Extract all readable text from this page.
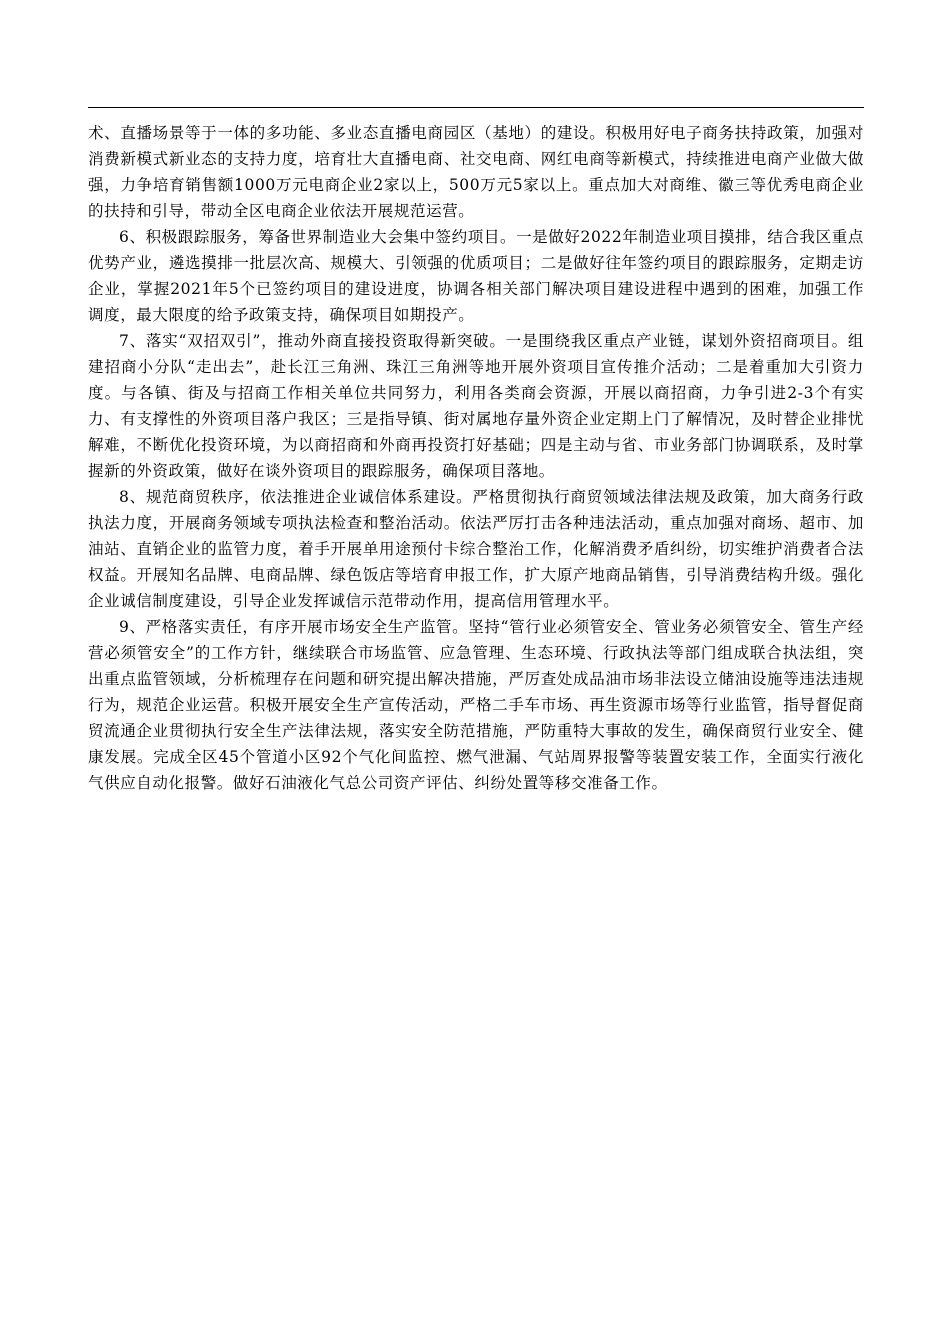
术、直播场景等于一体的多功能、多业态直播电商园区（基地）的建设。积极用好电子商务扶持政策，加强对消费新模式新业态的支持力度，培育壮大直播电商、社交电商、网红电商等新模式，持续推进电商产业做大做强，力争培育销售额1000万元电商企业2家以上，500万元5家以上。重点加大对商维、徽三等优秀电商企业的扶持和引导，带动全区电商企业依法开展规范运营。

6、积极跟踪服务，筹备世界制造业大会集中签约项目。一是做好2022年制造业项目摸排，结合我区重点优势产业，遴选摸排一批层次高、规模大、引领强的优质项目；二是做好往年签约项目的跟踪服务，定期走访企业，掌握2021年5个已签约项目的建设进度，协调各相关部门解决项目建设进程中遇到的困难，加强工作调度，最大限度的给予政策支持，确保项目如期投产。

7、落实“双招双引”，推动外商直接投资取得新突破。一是围绕我区重点产业链，谋划外资招商项目。组建招商小分队“走出去”，赴长江三角洲、珠江三角洲等地开展外资项目宣传推介活动；二是着重加大引资力度。与各镇、街及与招商工作相关单位共同努力，利用各类商会资源，开展以商招商，力争引进2-3个有实力、有支撑性的外资项目落户我区；三是指导镇、街对属地存量外资企业定期上门了解情况，及时替企业排忧解难，不断优化投资环境，为以商招商和外商再投资打好基础；四是主动与省、市业务部门协调联系，及时掌握新的外资政策，做好在谈外资项目的跟踪服务，确保项目落地。

8、规范商贸秩序，依法推进企业诚信体系建设。严格贯彻执行商贸领域法律法规及政策，加大商务行政执法力度，开展商务领域专项执法检查和整治活动。依法严厉打击各种违法活动，重点加强对商场、超市、加油站、直销企业的监管力度，着手开展单用途预付卡综合整治工作，化解消费矛盾纠纷，切实维护消费者合法权益。开展知名品牌、电商品牌、绿色饭店等培育申报工作，扩大原产地商品销售，引导消费结构升级。强化企业诚信制度建设，引导企业发挥诚信示范带动作用，提高信用管理水平。

9、严格落实责任，有序开展市场安全生产监管。坚持“管行业必须管安全、管业务必须管安全、管生产经营必须管安全”的工作方针，继续联合市场监管、应急管理、生态环境、行政执法等部门组成联合执法组，突出重点监管领域，分析梳理存在问题和研究提出解决措施，严厉查处成品油市场非法设立储油设施等违法违规行为，规范企业运营。积极开展安全生产宣传活动，严格二手车市场、再生资源市场等行业监管，指导督促商贸流通企业贯彻执行安全生产法律法规，落实安全防范措施，严防重特大事故的发生，确保商贸行业安全、健康发展。完成全区45个管道小区92个气化间监控、燃气泄漏、气站周界报警等装置安装工作，全面实行液化气供应自动化报警。做好石油液化气总公司资产评估、纠纷处置等移交准备工作。
